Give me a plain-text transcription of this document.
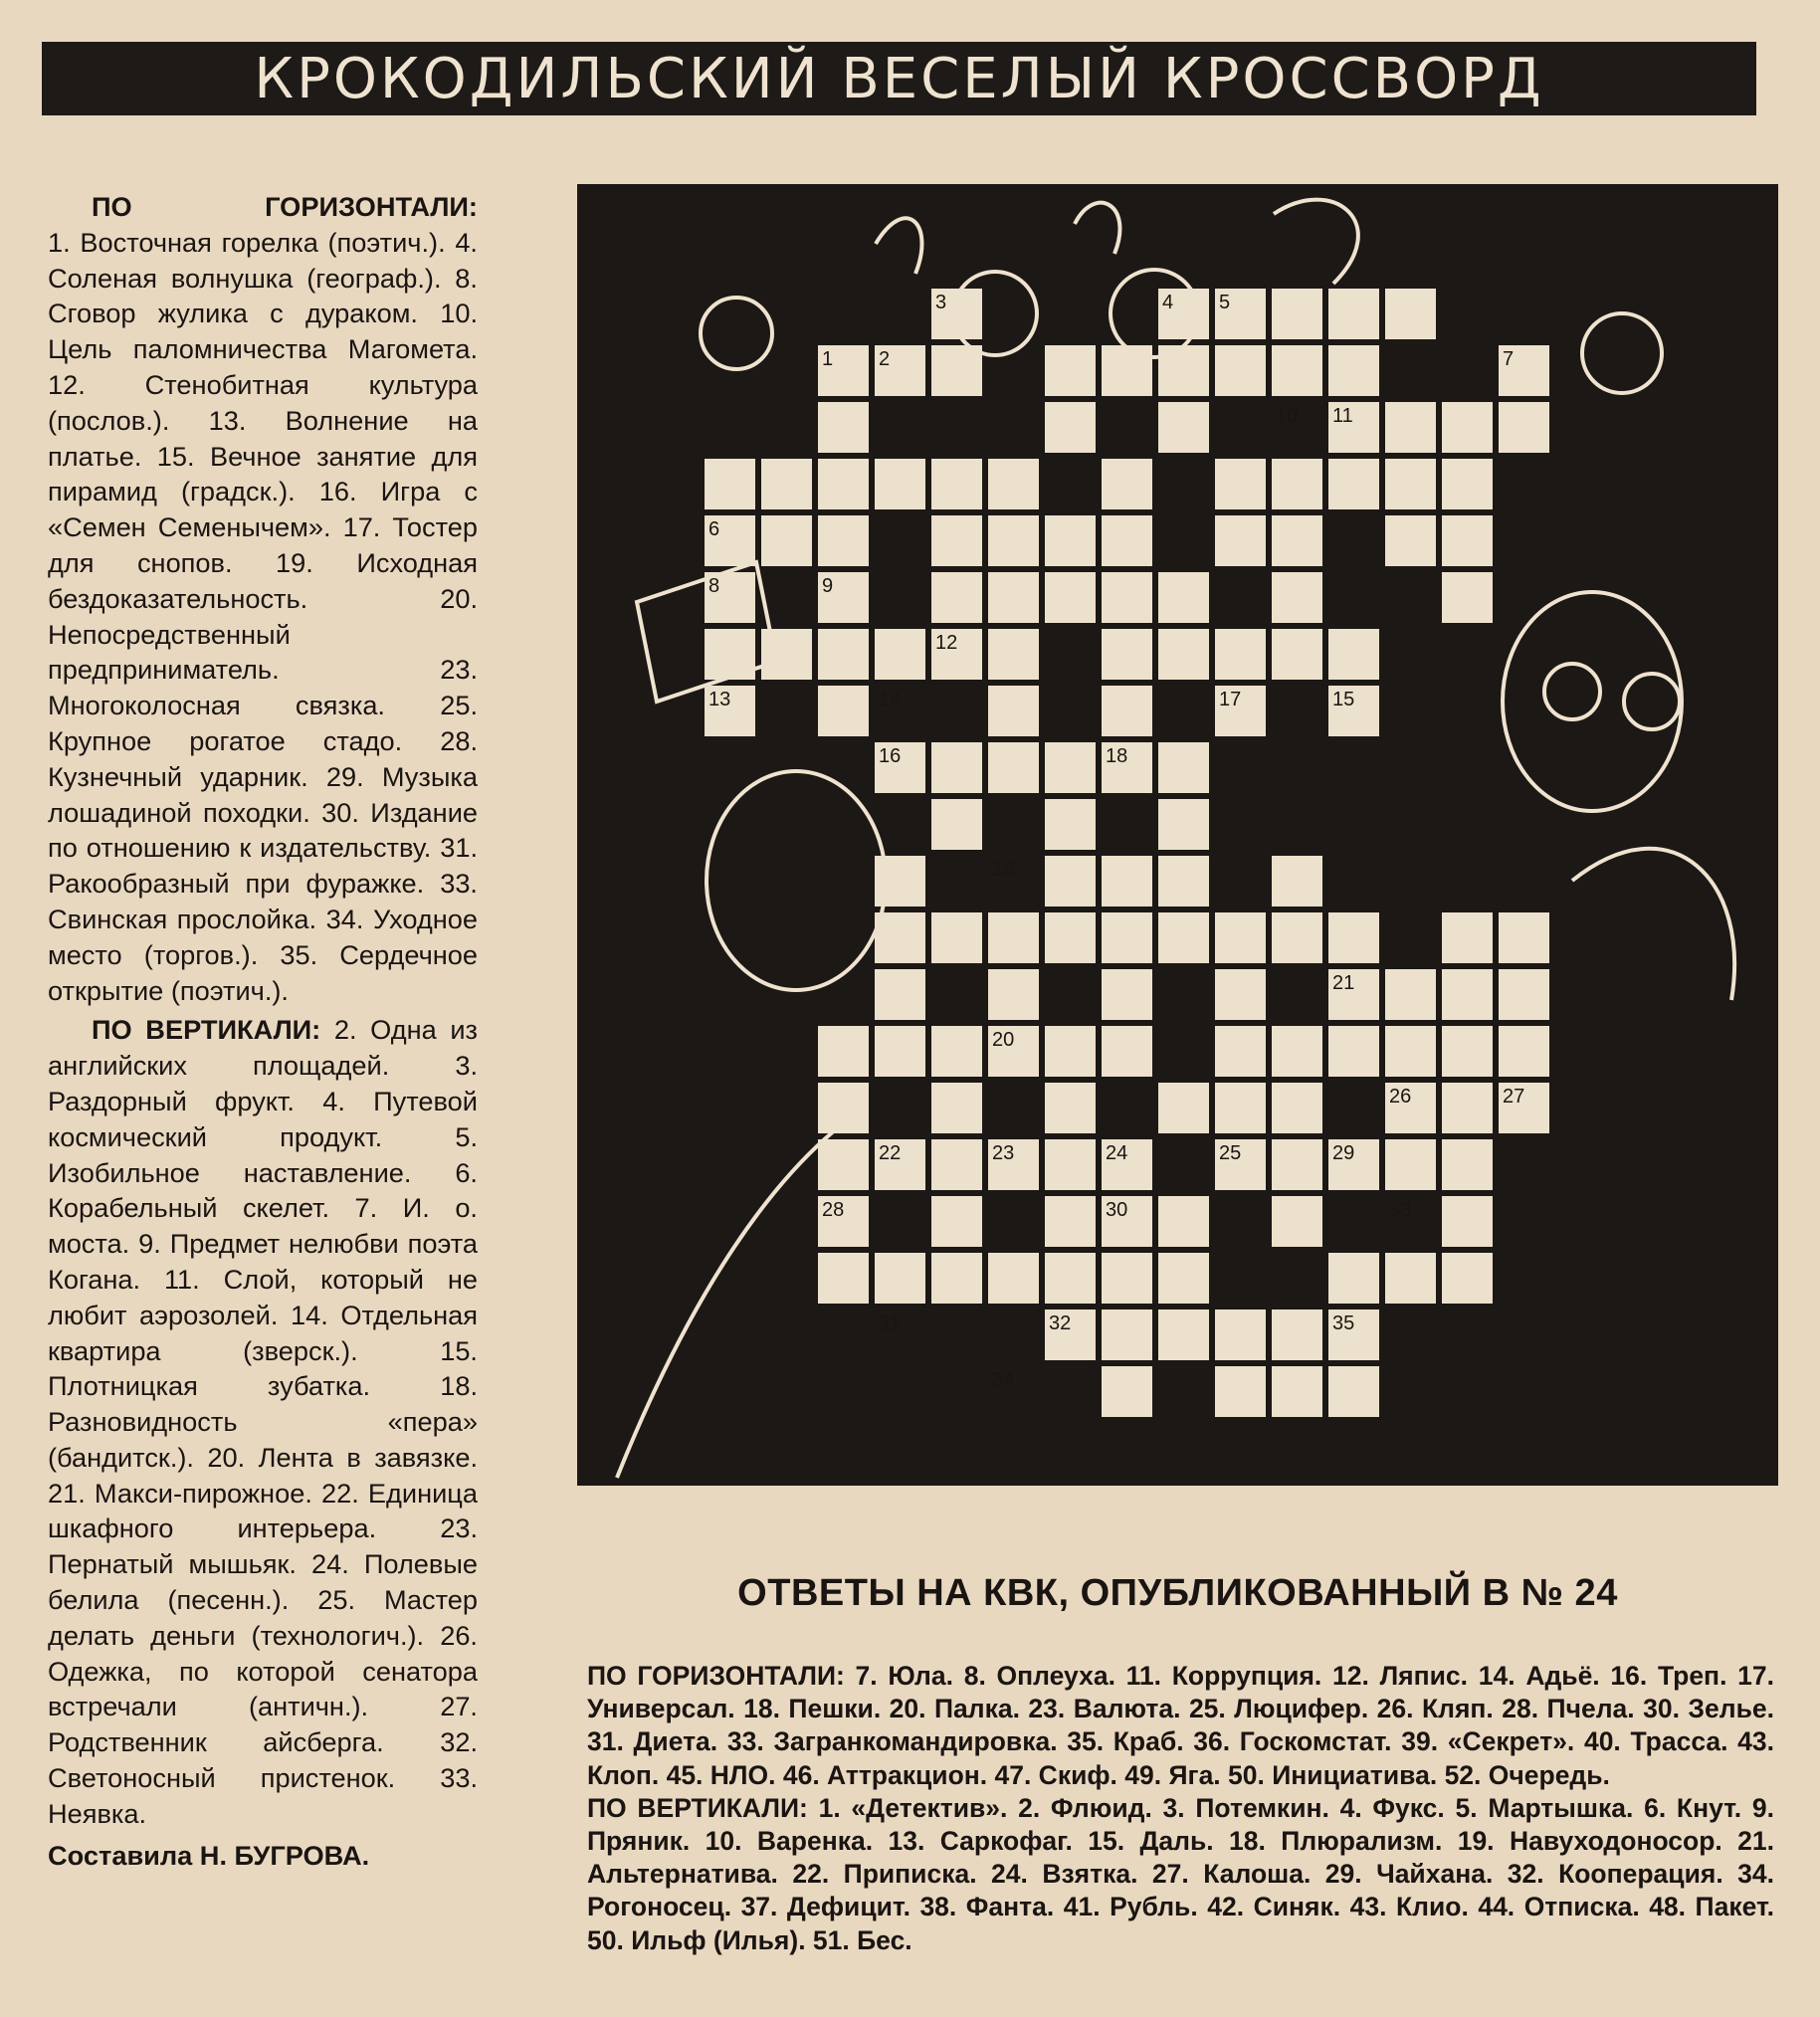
КРОКОДИЛЬСКИЙ ВЕСЕЛЫЙ КРОССВОРД

ПО	ГОРИЗОНТАЛИ:

1. Восточная горелка (поэтич.). 4. Соленая волнушка (географ.). 8. Сговор жулика с дураком. 10. Цель паломничества Магомета. 12. Стенобитная культура (послов.). 13. Волнение на платье. 15. Вечное занятие для пирамид (градск.). 16. Игра с «Семен Семенычем». 17. Тостер для снопов. 19. Исходная бездоказательность. 20. Непосредственный предприниматель. 23. Многоколосная связка. 25. Крупное рогатое стадо. 28. Кузнечный ударник. 29. Музыка лошадиной походки. 30. Издание по отношению к издательству. 31. Ракообразный при фуражке. 33. Свинская прослойка. 34. Уходное место (торгов.). 35. Сердечное открытие (поэтич.).

ПО ВЕРТИКАЛИ: 2. Одна из английских площадей. 3. Раздорный фрукт. 4. Путевой космический продукт. 5. Изобильное наставление. 6. Корабельный скелет. 7. И. о. моста. 9. Предмет нелюбви поэта Когана. 11. Слой, который не любит аэрозолей. 14. Отдельная квартира (зверск.). 15. Плотницкая зубатка. 18. Разновидность «пера» (бандитск.). 20. Лента в завязке. 21. Макси-пирожное. 22. Единица шкафного интерьера. 23. Пернатый мышьяк. 24. Полевые белила (песенн.). 25. Мастер делать деньги (технологич.). 26. Одежка, по которой сенатора встречали (античн.). 27. Родственник айсберга. 32. Светоносный пристенок. 33. Неявка.

Составила Н. БУГРОВА.

1 2
3	4 5
6
7
8	9
10 11
12
13	14	15
16
17
18
19
20
21
22	23	24	25
26	27
28
29
30
31	32
33
34
35
ОТВЕТЫ НА КВК, ОПУБЛИКОВАННЫЙ В № 24

ПО ГОРИЗОНТАЛИ: 7. Юла. 8. Оплеуха. 11. Коррупция. 12. Ляпис. 14. Адьё. 16. Треп. 17. Универсал. 18. Пешки. 20. Палка. 23. Валюта. 25. Люцифер. 26. Кляп. 28. Пчела. 30. Зелье. 31. Диета. 33. Загранкомандировка. 35. Краб. 36. Госкомстат. 39. «Секрет». 40. Трасса. 43. Клоп. 45. НЛО. 46. Аттракцион. 47. Скиф. 49. Яга. 50. Инициатива. 52. Очередь.

ПО ВЕРТИКАЛИ: 1. «Детектив». 2. Флюид. 3. Потемкин. 4. Фукс. 5. Мартышка. 6. Кнут. 9. Пряник. 10. Варенка. 13. Саркофаг. 15. Даль. 18. Плюрализм. 19. Навуходоносор. 21. Альтернатива. 22. Приписка. 24. Взятка. 27. Калоша. 29. Чайхана. 32. Кооперация. 34. Рогоносец. 37. Дефицит. 38. Фанта. 41. Рубль. 42. Синяк. 43. Клио. 44. Отписка. 48. Пакет. 50. Ильф (Илья). 51. Бес.
